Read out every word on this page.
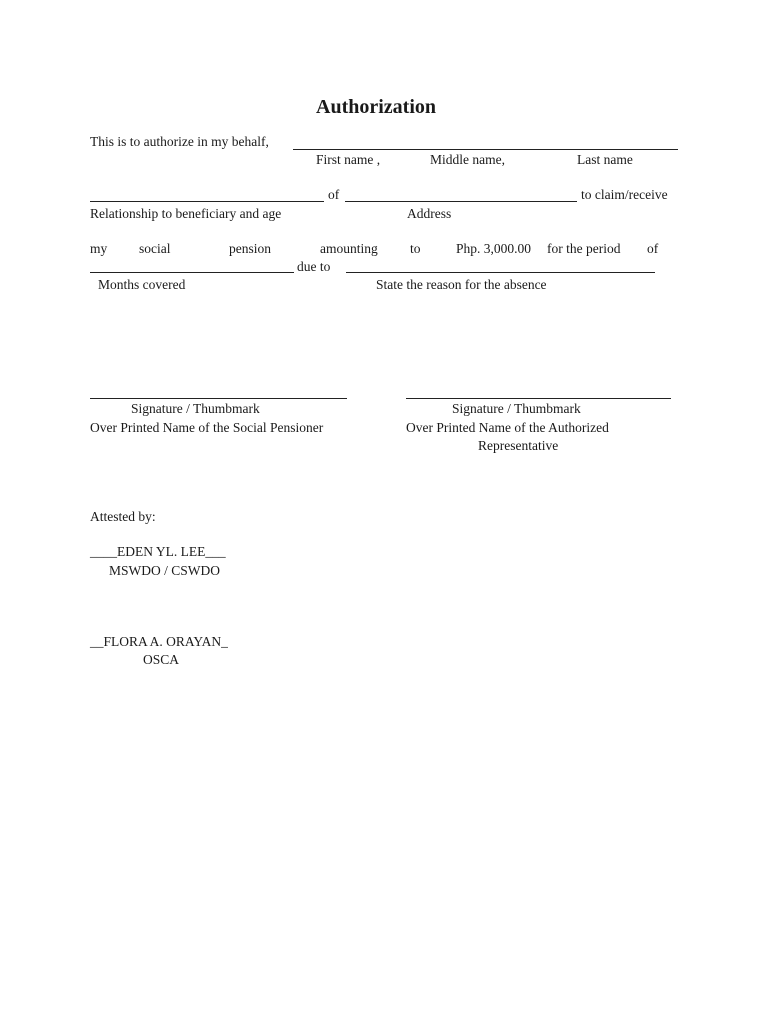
Authorization
This is to authorize in my behalf,
First name ,	Middle name,	Last name
of	to claim/receive
Relationship to beneficiary and age	Address
my social	pension	amounting to	Php. 3,000.00 for the period of
due to
Months covered	State the reason for the absence
Signature / Thumbmark
Over Printed Name of the Social Pensioner
Signature / Thumbmark
Over Printed Name of the Authorized
Representative
Attested by:
____EDEN YL. LEE___
MSWDO / CSWDO
__FLORA A. ORAYAN_
OSCA
